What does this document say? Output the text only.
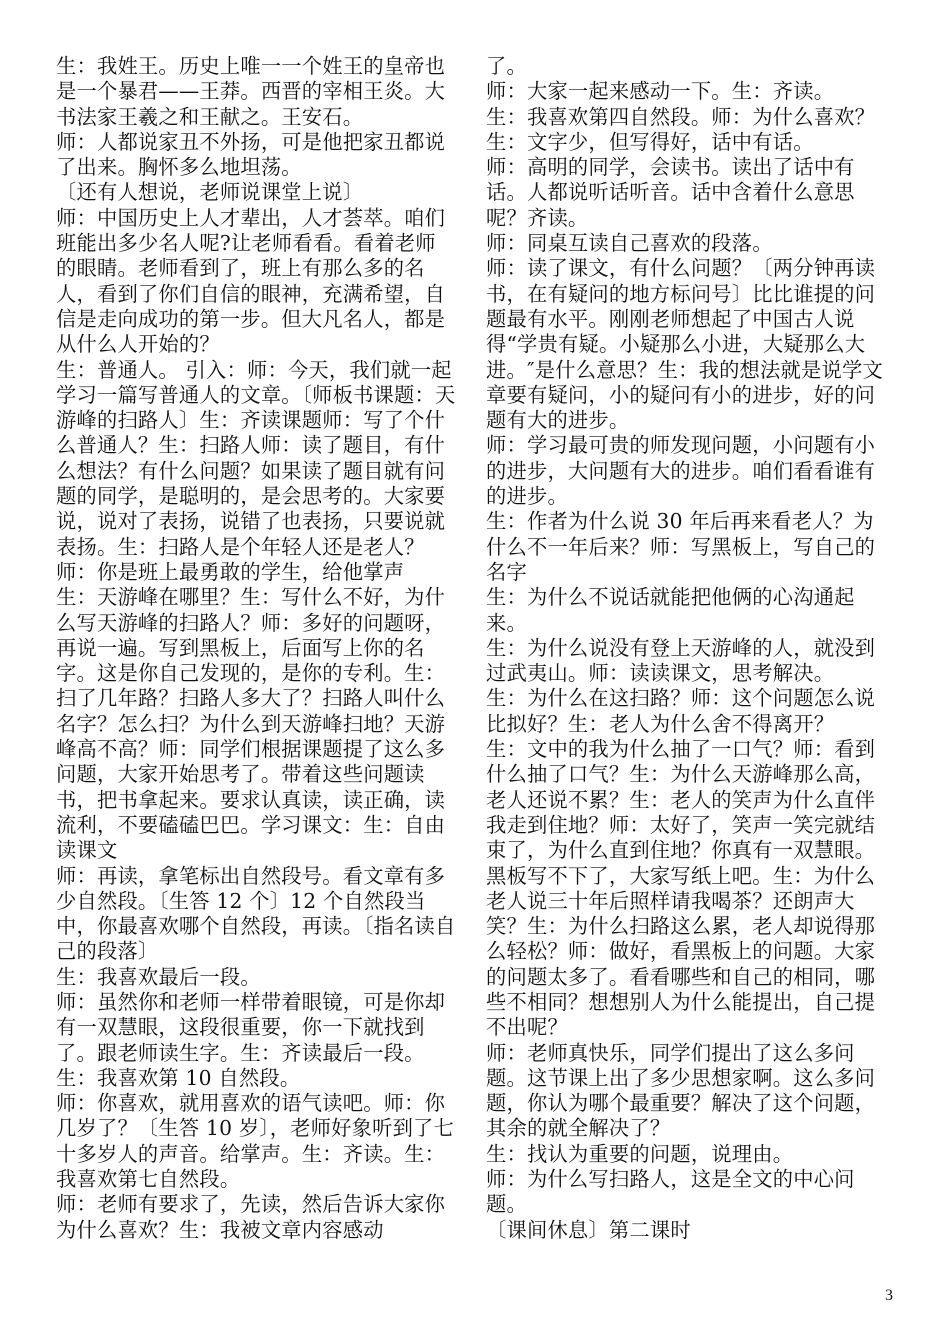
生：我姓王。历史上唯一一个姓王的皇帝也是一个暴君——王莽。西晋的宰相王炎。大书法家王羲之和王献之。王安石。

师：人都说家丑不外扬，可是他把家丑都说了出来。胸怀多么地坦荡。

〔还有人想说，老师说课堂上说〕

师：中国历史上人才辈出，人才荟萃。咱们班能出多少名人呢?让老师看看。看着老师的眼睛。老师看到了，班上有那么多的名人，看到了你们自信的眼神，充满希望，自信是走向成功的第一步。但大凡名人，都是从什么人开始的？

生：普通人。 引入：师：今天，我们就一起学习一篇写普通人的文章。〔师板书课题：天游峰的扫路人〕生：齐读课题师：写了个什么普通人？生：扫路人师：读了题目，有什么想法？有什么问题？如果读了题目就有问题的同学，是聪明的，是会思考的。大家要说，说对了表扬，说错了也表扬，只要说就表扬。生：扫路人是个年轻人还是老人？

师：你是班上最勇敢的学生，给他掌声

生：天游峰在哪里？生：写什么不好，为什么写天游峰的扫路人？师：多好的问题呀，再说一遍。写到黑板上，后面写上你的名字。这是你自己发现的，是你的专利。生：扫了几年路？扫路人多大了？扫路人叫什么名字？怎么扫？为什么到天游峰扫地？天游峰高不高？师：同学们根据课题提了这么多问题，大家开始思考了。带着这些问题读书，把书拿起来。要求认真读，读正确，读流利，不要磕磕巴巴。学习课文：生：自由读课文

师：再读，拿笔标出自然段号。看文章有多少自然段。〔生答 12 个〕12 个自然段当中，你最喜欢哪个自然段，再读。〔指名读自己的段落〕

生：我喜欢最后一段。

师：虽然你和老师一样带着眼镜，可是你却有一双慧眼，这段很重要，你一下就找到了。跟老师读生字。生：齐读最后一段。生：我喜欢第 10 自然段。

师：你喜欢，就用喜欢的语气读吧。师：你几岁了？〔生答 10 岁〕，老师好象听到了七十多岁人的声音。给掌声。生：齐读。生：我喜欢第七自然段。

师：老师有要求了，先读，然后告诉大家你为什么喜欢？生：我被文章内容感动

了。

师：大家一起来感动一下。生：齐读。

生：我喜欢第四自然段。师：为什么喜欢？

生：文字少，但写得好，话中有话。

师：高明的同学，会读书。读出了话中有话。人都说听话听音。话中含着什么意思呢？齐读。

师：同桌互读自己喜欢的段落。

师：读了课文，有什么问题？〔两分钟再读书，在有疑问的地方标问号〕比比谁提的问题最有水平。刚刚老师想起了中国古人说得“学贵有疑。小疑那么小进，大疑那么大进。″是什么意思？生：我的想法就是说学文章要有疑问，小的疑问有小的进步，好的问题有大的进步。

师：学习最可贵的师发现问题，小问题有小的进步，大问题有大的进步。咱们看看谁有的进步。

生：作者为什么说 30 年后再来看老人？为什么不一年后来？师：写黑板上，写自己的名字

生：为什么不说话就能把他俩的心沟通起来。

生：为什么说没有登上天游峰的人，就没到过武夷山。师：读读课文，思考解决。

生：为什么在这扫路？师：这个问题怎么说比拟好？生：老人为什么舍不得离开？

生：文中的我为什么抽了一口气？师：看到什么抽了口气？生：为什么天游峰那么高，老人还说不累？生：老人的笑声为什么直伴我走到住地？师：太好了，笑声一笑完就结束了，为什么直到住地？你真有一双慧眼。黑板写不下了，大家写纸上吧。生：为什么老人说三十年后照样请我喝茶？还朗声大笑？生：为什么扫路这么累，老人却说得那么轻松？师：做好，看黑板上的问题。大家的问题太多了。看看哪些和自己的相同，哪些不相同？想想别人为什么能提出，自己提不出呢？

师：老师真快乐，同学们提出了这么多问题。这节课上出了多少思想家啊。这么多问题，你认为哪个最重要？解决了这个问题，其余的就全解决了？

生：找认为重要的问题，说理由。

师：为什么写扫路人，这是全文的中心问题。

〔课间休息〕第二课时

3
